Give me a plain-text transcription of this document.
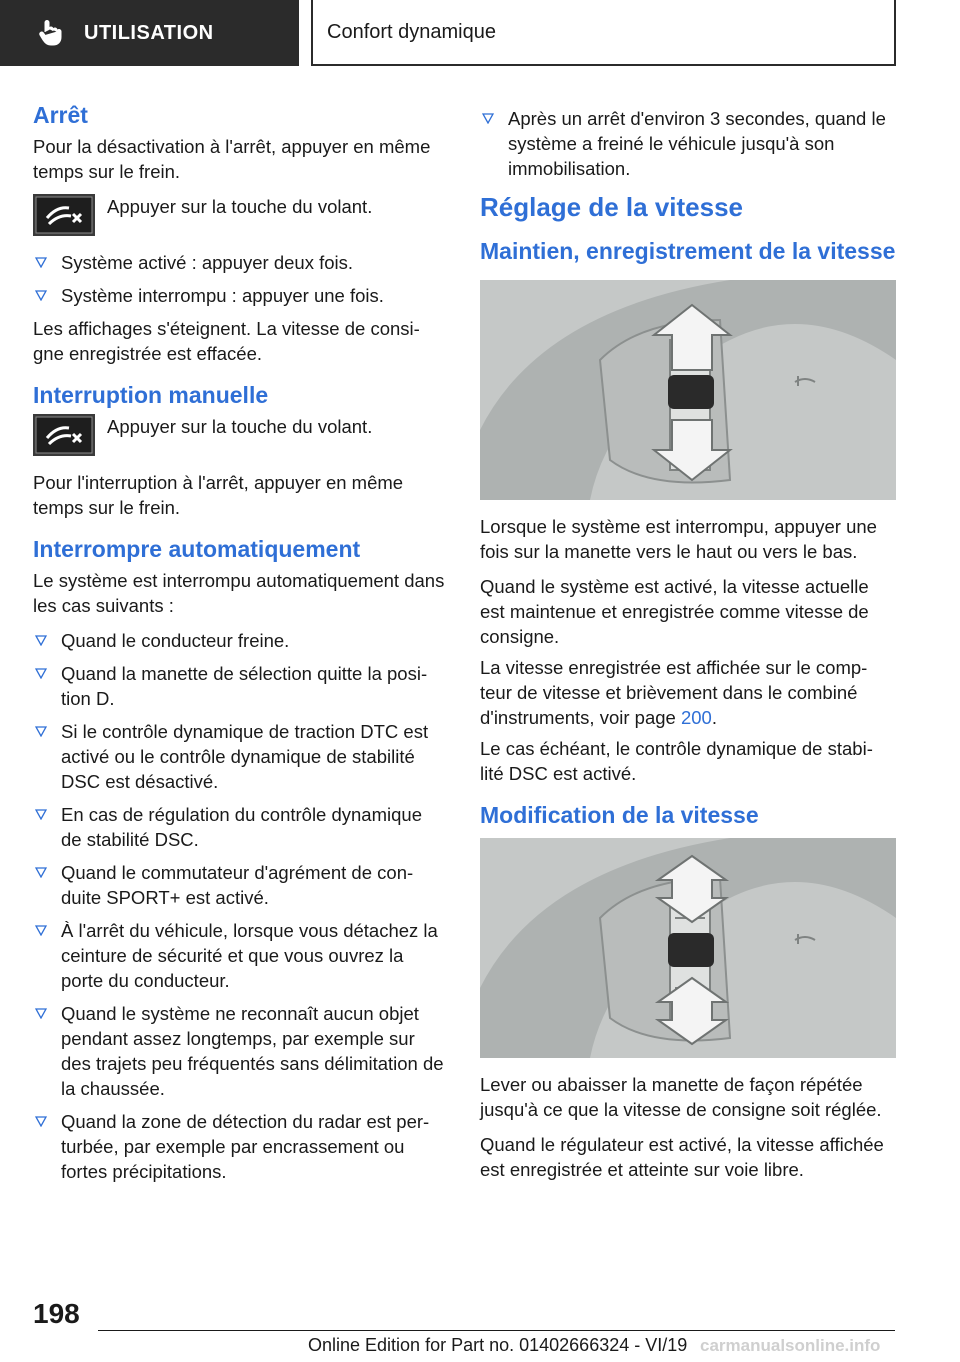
UTILISATION	Confort dynamique
Arrêt

Pour la désactivation à l'arrêt, appuyer en même temps sur le frein.

Appuyer sur la touche du volant.

Système activé : appuyer deux fois.
Système interrompu : appuyer une fois.

Les affichages s'éteignent. La vitesse de consi-gne enregistrée est effacée.

Interruption manuelle

Appuyer sur la touche du volant.

Pour l'interruption à l'arrêt, appuyer en même temps sur le frein.

Interrompre automatiquement

Le système est interrompu automatiquement dans les cas suivants :

Quand le conducteur freine.
Quand la manette de sélection quitte la posi-tion D.
Si le contrôle dynamique de traction DTC est activé ou le contrôle dynamique de stabilité DSC est désactivé.
En cas de régulation du contrôle dynamique de stabilité DSC.
Quand le commutateur d'agrément de con-duite SPORT+ est activé.
À l'arrêt du véhicule, lorsque vous détachez la ceinture de sécurité et que vous ouvrez la porte du conducteur.
Quand le système ne reconnaît aucun objet pendant assez longtemps, par exemple sur des trajets peu fréquentés sans délimitation de la chaussée.
Quand la zone de détection du radar est per-turbée, par exemple par encrassement ou fortes précipitations.
Après un arrêt d'environ 3 secondes, quand le système a freiné le véhicule jusqu'à son immobilisation.
Réglage de la vitesse
Maintien, enregistrement de la vitesse

Lorsque le système est interrompu, appuyer une fois sur la manette vers le haut ou vers le bas.

Quand le système est activé, la vitesse actuelle est maintenue et enregistrée comme vitesse de consigne.

La vitesse enregistrée est affichée sur le comp-teur de vitesse et brièvement dans le combiné d'instruments, voir page 200.

Le cas échéant, le contrôle dynamique de stabi-lité DSC est activé.

Modification de la vitesse

Lever ou abaisser la manette de façon répétée jusqu'à ce que la vitesse de consigne soit réglée.

Quand le régulateur est activé, la vitesse affichée est enregistrée et atteinte sur voie libre.

198
Online Edition for Part no. 01402666324 - VI/19 carmanualsonline.info
